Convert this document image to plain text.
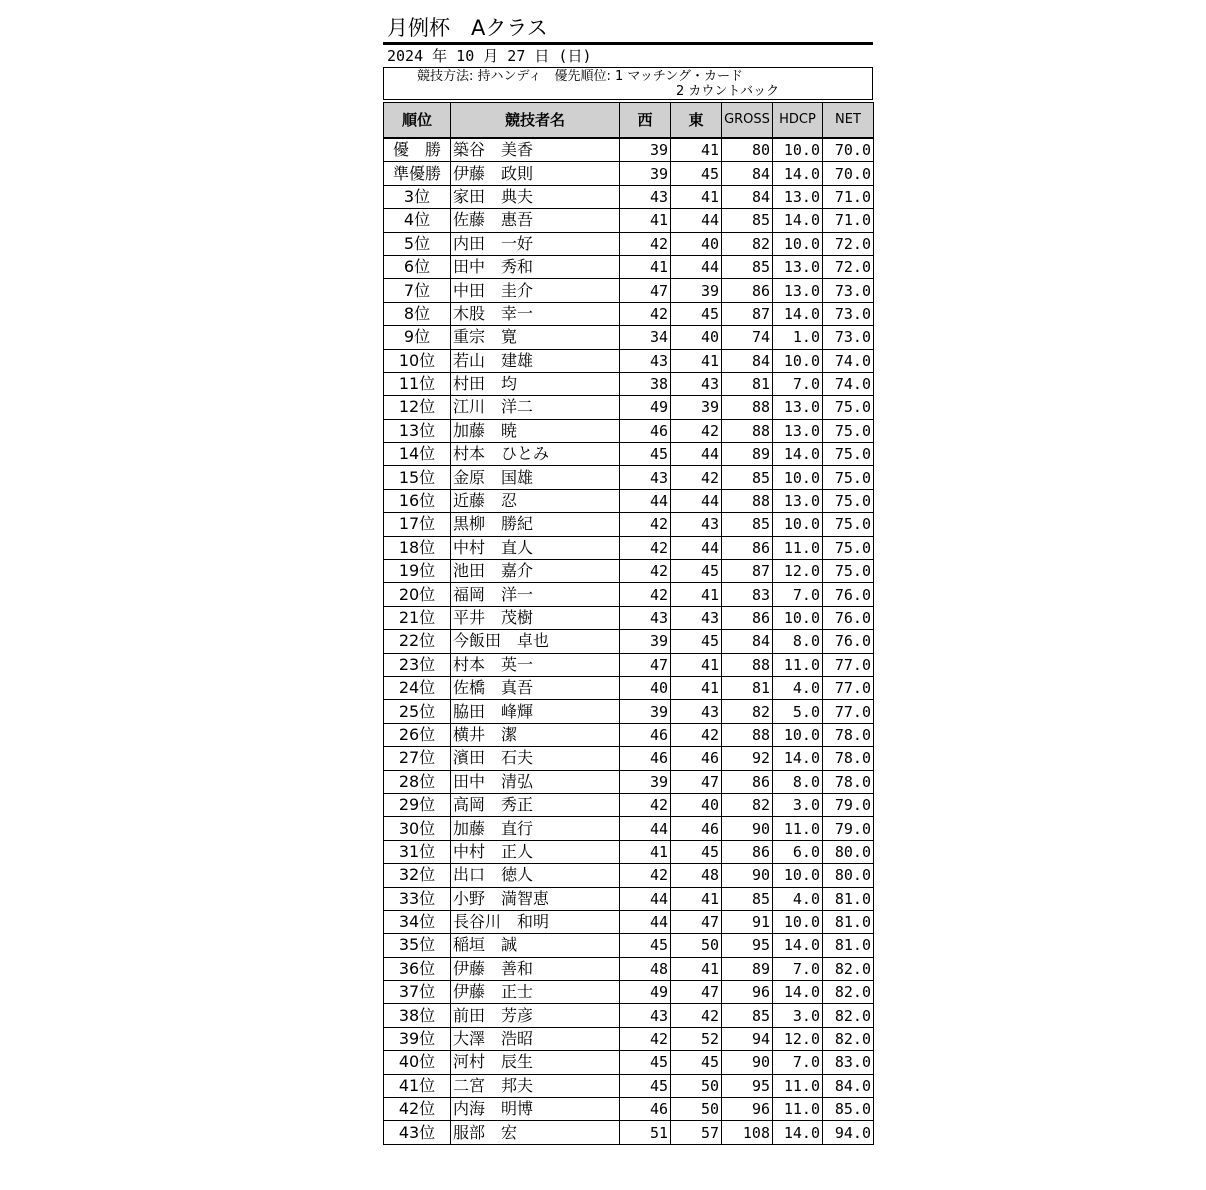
月例杯　Aクラス
2024 年 10 月 27 日 (日)
競技方法: 持ハンディ　優先順位: 1 マッチング・カード
2 カウントバック
順位	競技者名	西	東	GROSS	HDCP	NET
優　勝	築谷　美香	39	41	80	10.0	70.0
準優勝	伊藤　政則	39	45	84	14.0	70.0
3位	家田　典夫	43	41	84	13.0	71.0
4位	佐藤　惠吾	41	44	85	14.0	71.0
5位	内田　一好	42	40	82	10.0	72.0
6位	田中　秀和	41	44	85	13.0	72.0
7位	中田　圭介	47	39	86	13.0	73.0
8位	木股　幸一	42	45	87	14.0	73.0
9位	重宗　寛	34	40	74	1.0	73.0
10位	若山　建雄	43	41	84	10.0	74.0
11位	村田　均	38	43	81	7.0	74.0
12位	江川　洋二	49	39	88	13.0	75.0
13位	加藤　暁	46	42	88	13.0	75.0
14位	村本　ひとみ	45	44	89	14.0	75.0
15位	金原　国雄	43	42	85	10.0	75.0
16位	近藤　忍	44	44	88	13.0	75.0
17位	黒柳　勝紀	42	43	85	10.0	75.0
18位	中村　直人	42	44	86	11.0	75.0
19位	池田　嘉介	42	45	87	12.0	75.0
20位	福岡　洋一	42	41	83	7.0	76.0
21位	平井　茂樹	43	43	86	10.0	76.0
22位	今飯田　卓也	39	45	84	8.0	76.0
23位	村本　英一	47	41	88	11.0	77.0
24位	佐橋　真吾	40	41	81	4.0	77.0
25位	脇田　峰輝	39	43	82	5.0	77.0
26位	横井　潔	46	42	88	10.0	78.0
27位	濱田　石夫	46	46	92	14.0	78.0
28位	田中　清弘	39	47	86	8.0	78.0
29位	高岡　秀正	42	40	82	3.0	79.0
30位	加藤　直行	44	46	90	11.0	79.0
31位	中村　正人	41	45	86	6.0	80.0
32位	出口　徳人	42	48	90	10.0	80.0
33位	小野　満智恵	44	41	85	4.0	81.0
34位	長谷川　和明	44	47	91	10.0	81.0
35位	稲垣　誠	45	50	95	14.0	81.0
36位	伊藤　善和	48	41	89	7.0	82.0
37位	伊藤　正士	49	47	96	14.0	82.0
38位	前田　芳彦	43	42	85	3.0	82.0
39位	大澤　浩昭	42	52	94	12.0	82.0
40位	河村　辰生	45	45	90	7.0	83.0
41位	二宮　邦夫	45	50	95	11.0	84.0
42位	内海　明博	46	50	96	11.0	85.0
43位	服部　宏	51	57	108	14.0	94.0
